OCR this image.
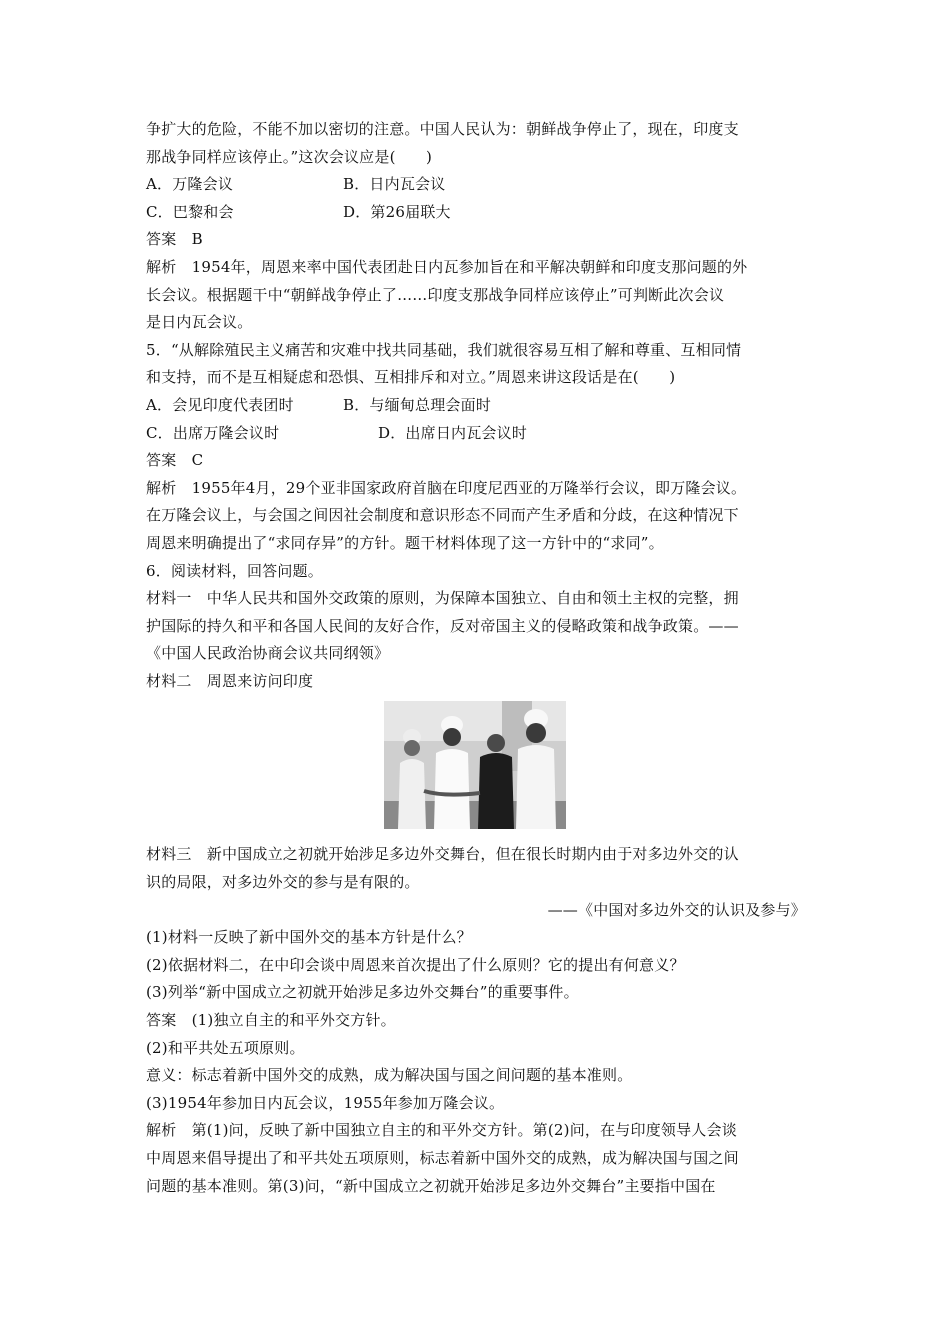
争扩大的危险，不能不加以密切的注意。中国人民认为：朝鲜战争停止了，现在，印度支
那战争同样应该停止。”这次会议应是(　　)
A．万隆会议	B．日内瓦会议
C．巴黎和会	D．第26届联大
答案　B
解析　1954年，周恩来率中国代表团赴日内瓦参加旨在和平解决朝鲜和印度支那问题的外
长会议。根据题干中“朝鲜战争停止了……印度支那战争同样应该停止”可判断此次会议
是日内瓦会议。
5．“从解除殖民主义痛苦和灾难中找共同基础，我们就很容易互相了解和尊重、互相同情
和支持，而不是互相疑虑和恐惧、互相排斥和对立。”周恩来讲这段话是在(　　)
A．会见印度代表团时	B．与缅甸总理会面时
C．出席万隆会议时	D．出席日内瓦会议时
答案　C
解析　1955年4月，29个亚非国家政府首脑在印度尼西亚的万隆举行会议，即万隆会议。
在万隆会议上，与会国之间因社会制度和意识形态不同而产生矛盾和分歧，在这种情况下
周恩来明确提出了“求同存异”的方针。题干材料体现了这一方针中的“求同”。
6．阅读材料，回答问题。
材料一　中华人民共和国外交政策的原则，为保障本国独立、自由和领土主权的完整，拥
护国际的持久和平和各国人民间的友好合作，反对帝国主义的侵略政策和战争政策。——
《中国人民政治协商会议共同纲领》
材料二　周恩来访问印度
材料三　新中国成立之初就开始涉足多边外交舞台，但在很长时期内由于对多边外交的认
识的局限，对多边外交的参与是有限的。
——《中国对多边外交的认识及参与》
(1)材料一反映了新中国外交的基本方针是什么？
(2)依据材料二，在中印会谈中周恩来首次提出了什么原则？它的提出有何意义？
(3)列举“新中国成立之初就开始涉足多边外交舞台”的重要事件。
答案　(1)独立自主的和平外交方针。
(2)和平共处五项原则。
意义：标志着新中国外交的成熟，成为解决国与国之间问题的基本准则。
(3)1954年参加日内瓦会议，1955年参加万隆会议。
解析　第(1)问，反映了新中国独立自主的和平外交方针。第(2)问，在与印度领导人会谈
中周恩来倡导提出了和平共处五项原则，标志着新中国外交的成熟，成为解决国与国之间
问题的基本准则。第(3)问，“新中国成立之初就开始涉足多边外交舞台”主要指中国在
